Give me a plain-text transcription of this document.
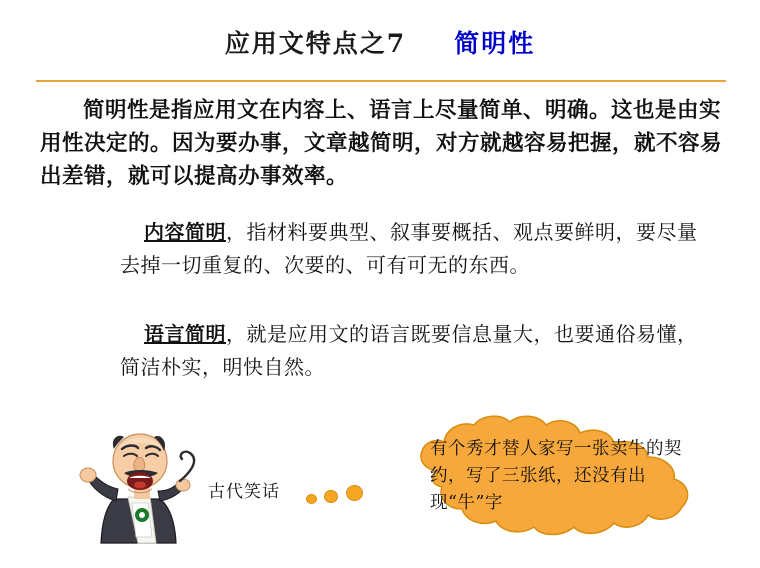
应用文特点之7 简明性
简明性是指应用文在内容上、语言上尽量简单、明确。这也是由实用性决定的。因为要办事，文章越简明，对方就越容易把握，就不容易出差错，就可以提高办事效率。
内容简明，指材料要典型、叙事要概括、观点要鲜明，要尽量去掉一切重复的、次要的、可有可无的东西。
语言简明，就是应用文的语言既要信息量大，也要通俗易懂，简洁朴实，明快自然。
古代笑话
有个秀才替人家写一张卖牛的契约，写了三张纸，还没有出现“牛”字
